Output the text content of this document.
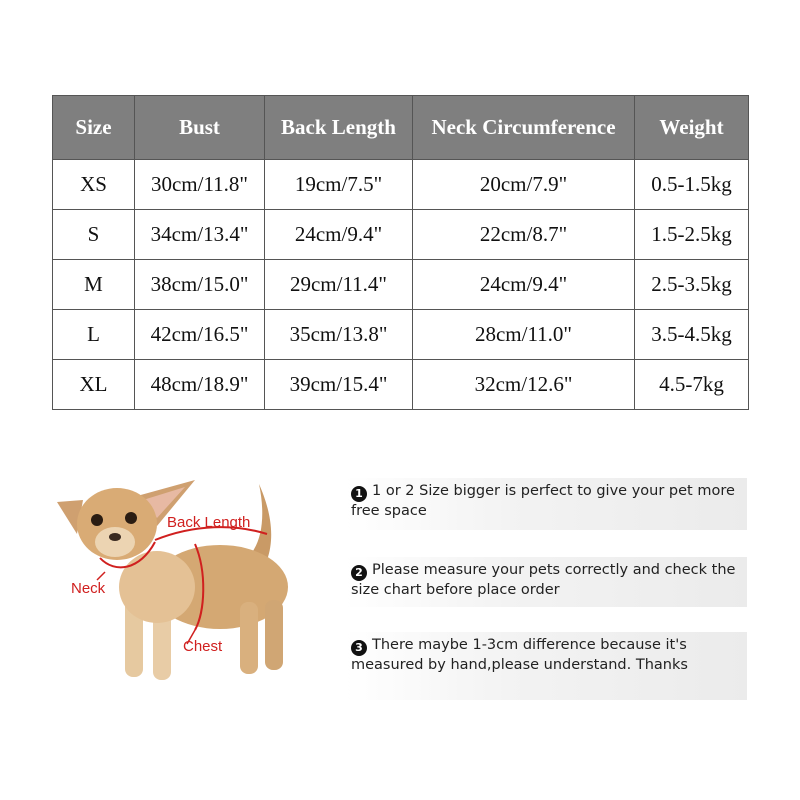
Size	Bust	Back Length	Neck Circumference	Weight
XS	30cm/11.8"	19cm/7.5"	20cm/7.9"	0.5-1.5kg
S	34cm/13.4"	24cm/9.4"	22cm/8.7"	1.5-2.5kg
M	38cm/15.0"	29cm/11.4"	24cm/9.4"	2.5-3.5kg
L	42cm/16.5"	35cm/13.8"	28cm/11.0"	3.5-4.5kg
XL	48cm/18.9"	39cm/15.4"	32cm/12.6"	4.5-7kg
Back Length
Neck
Chest
1 1 or 2 Size bigger is perfect to give your pet more free space
2 Please measure your pets correctly and check the size chart before place order
3 There maybe 1-3cm difference because it's measured by hand,please understand. Thanks
